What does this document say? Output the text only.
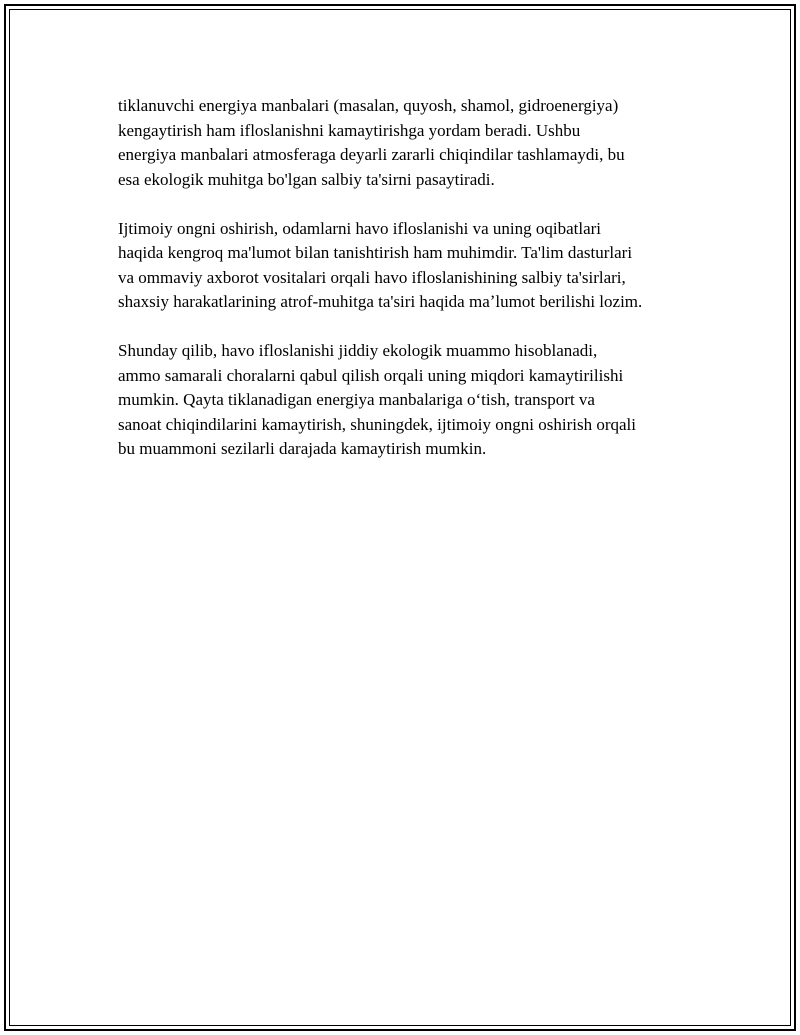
tiklanuvchi energiya manbalari (masalan, quyosh, shamol, gidroenergiya)
kengaytirish ham ifloslanishni kamaytirishga yordam beradi. Ushbu
energiya manbalari atmosferaga deyarli zararli chiqindilar tashlamaydi, bu
esa ekologik muhitga bo'lgan salbiy ta'sirni pasaytiradi.

Ijtimoiy ongni oshirish, odamlarni havo ifloslanishi va uning oqibatlari
haqida kengroq ma'lumot bilan tanishtirish ham muhimdir. Ta'lim dasturlari
va ommaviy axborot vositalari orqali havo ifloslanishining salbiy ta'sirlari,
shaxsiy harakatlarining atrof-muhitga ta'siri haqida maʼlumot berilishi lozim.

Shunday qilib, havo ifloslanishi jiddiy ekologik muammo hisoblanadi,
ammo samarali choralarni qabul qilish orqali uning miqdori kamaytirilishi
mumkin. Qayta tiklanadigan energiya manbalariga oʻtish, transport va
sanoat chiqindilarini kamaytirish, shuningdek, ijtimoiy ongni oshirish orqali
bu muammoni sezilarli darajada kamaytirish mumkin.
